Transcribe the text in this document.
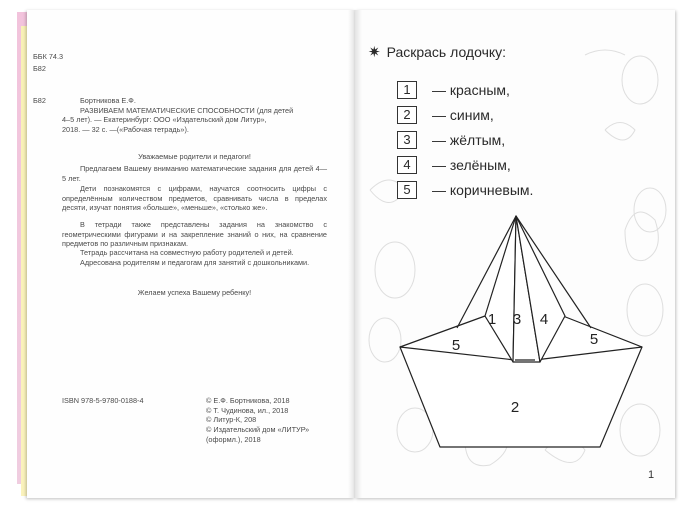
ББК 74.3
Б82
Б82	Бортникова Е.Ф.
РАЗВИВАЕМ МАТЕМАТИЧЕСКИЕ СПОСОБНОСТИ (для детей
4–5 лет). — Екатеринбург: ООО «Издательский дом Литур»,
2018. — 32 с. —(«Рабочая тетрадь»).
Уважаемые родители и педагоги!
Предлагаем Вашему вниманию математические задания для детей 4—5 лет.
Дети познакомятся с цифрами, научатся соотносить цифры с определённым количеством предметов, сравнивать числа в пределах десяти, изучат понятия «больше», «меньше», «столько же».
В тетради также представлены задания на знакомство с геометрическими фигурами и на закрепление знаний о них, на сравнение предметов по различным признакам.
Тетрадь рассчитана на совместную работу родителей и детей.
Адресована родителям и педагогам для занятий с дошкольниками.
Желаем успеха Вашему ребенку!
ISBN 978-5-9780-0188-4	© Е.Ф. Бортникова, 2018
© Т. Чудинова, ил., 2018
© Литур-К, 208
© Издательский дом «ЛИТУР»
(оформл.), 2018
✷ Раскрась лодочку:
1	— красным,
2	— синим,
3	— жёлтым,
4	— зелёным,
5	— коричневым.
1 3 4
5	5
2
1
